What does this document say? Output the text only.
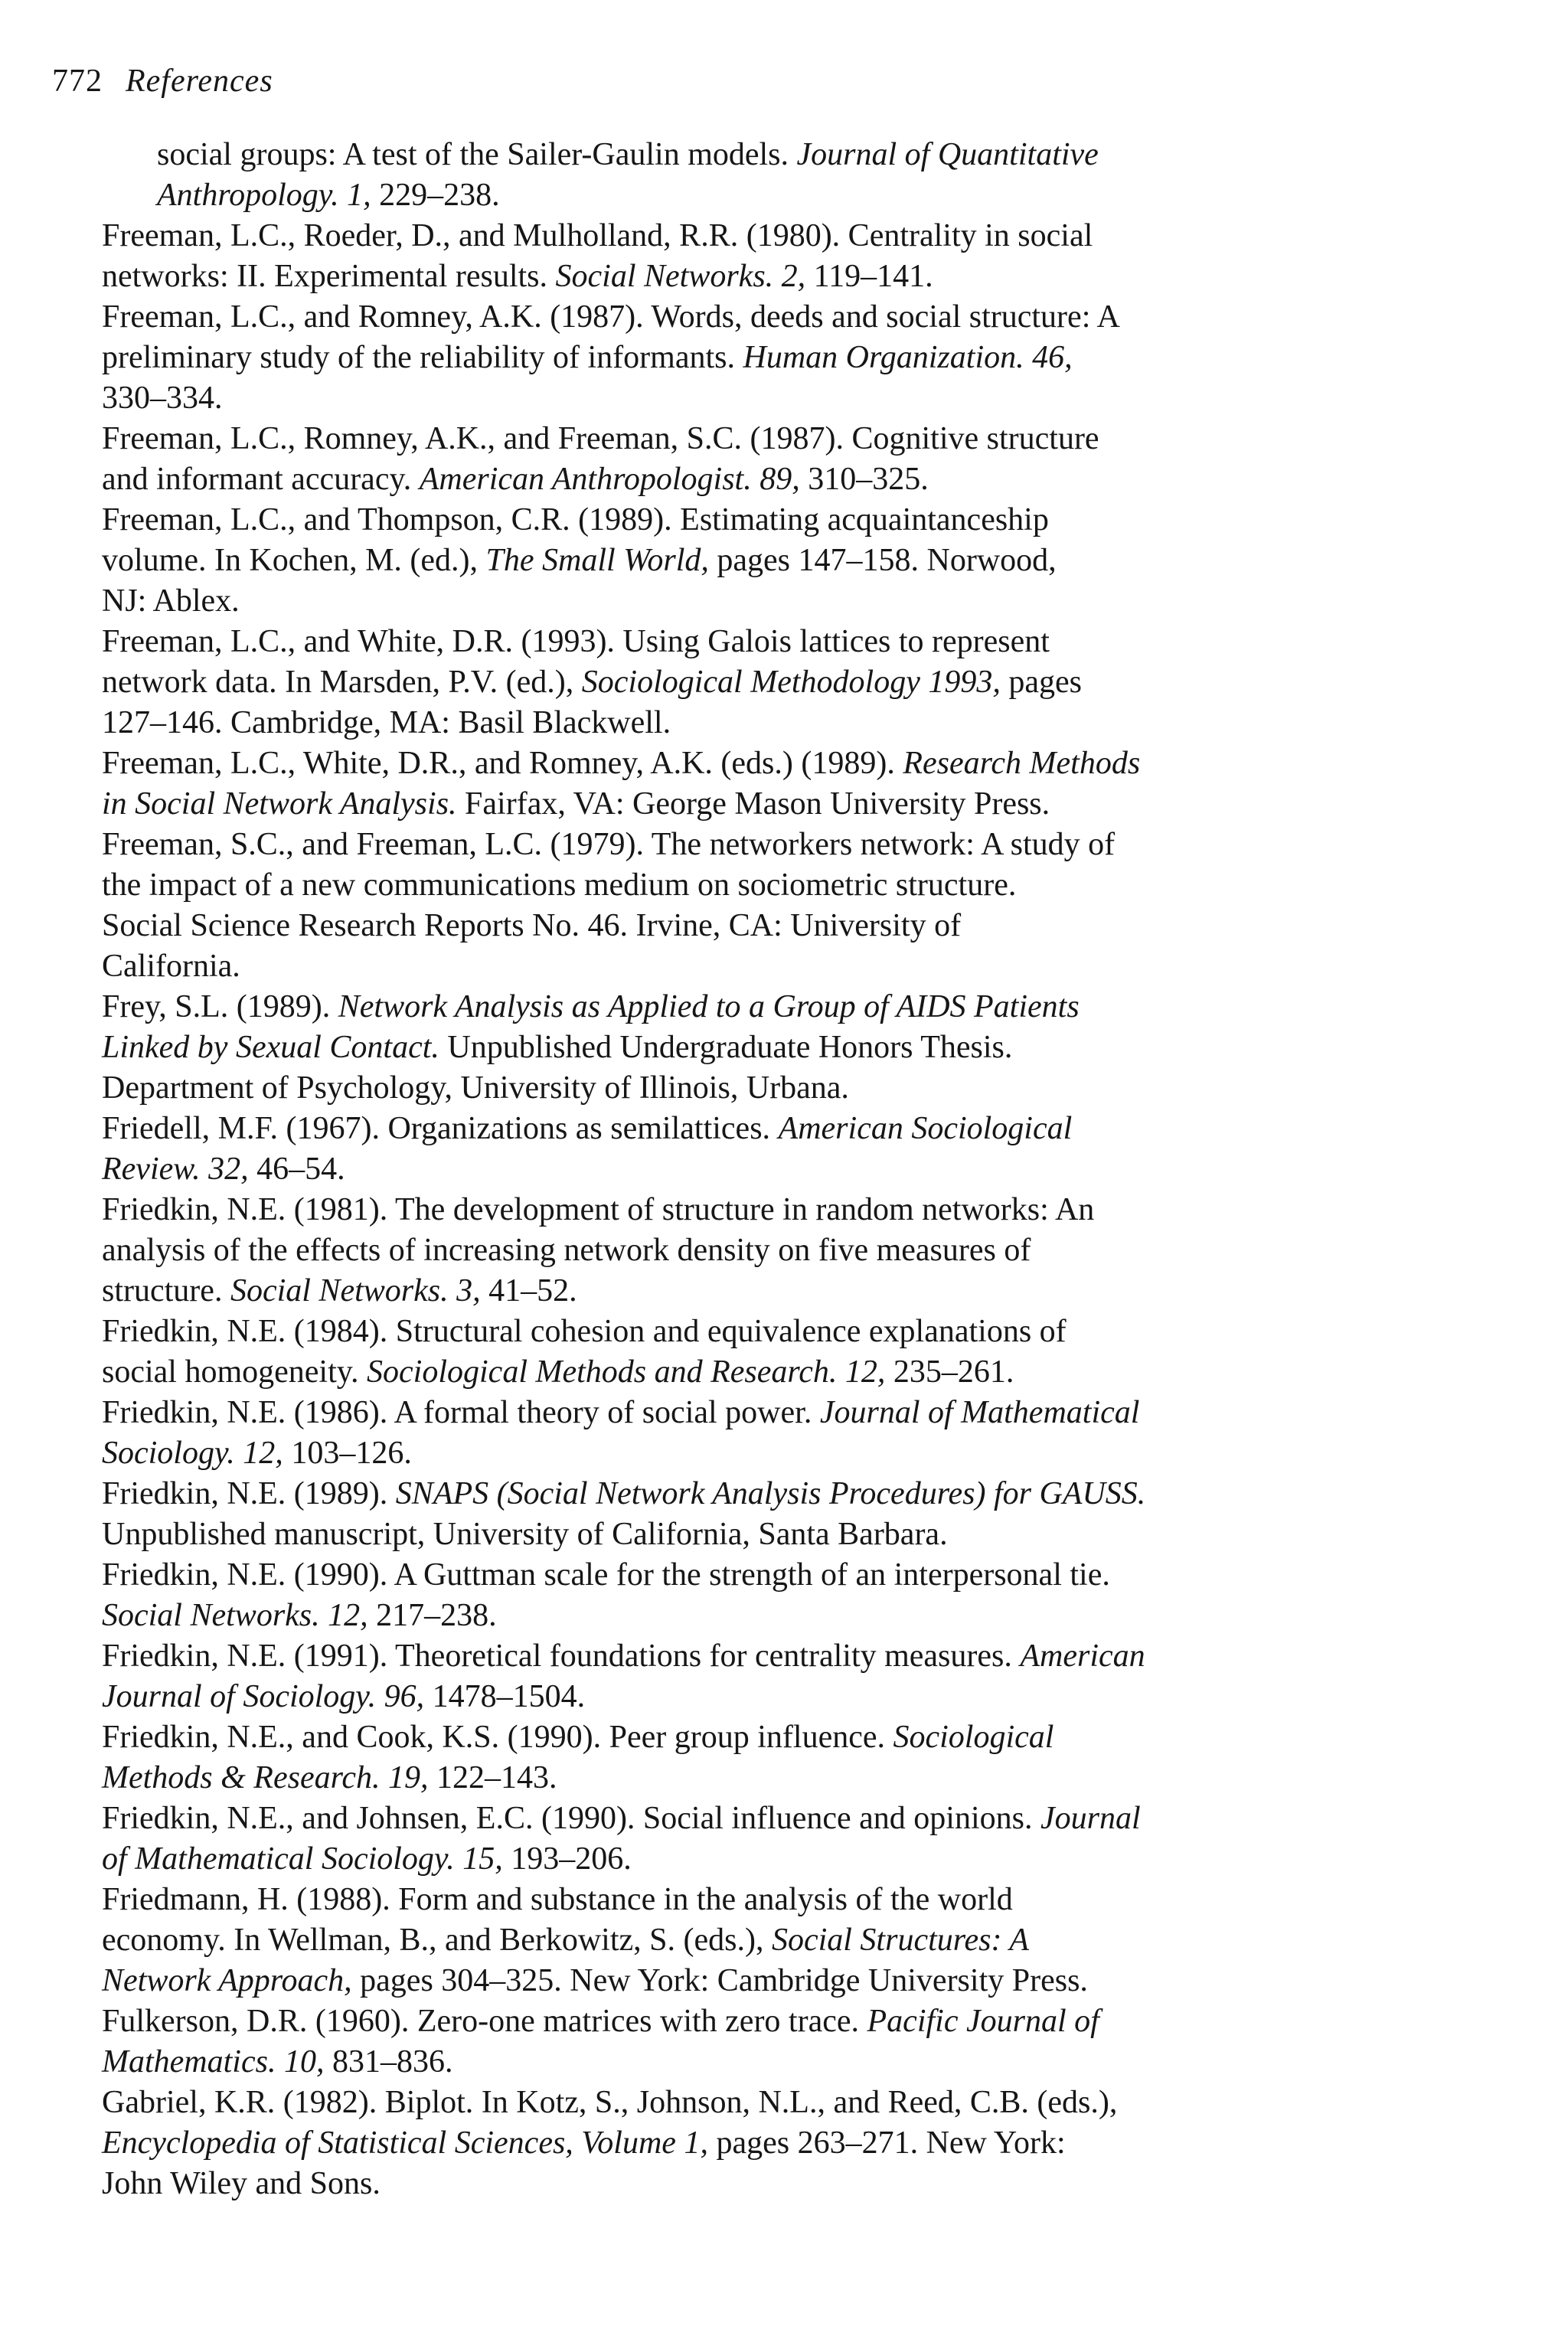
772 References
social groups: A test of the Sailer-Gaulin models. Journal of Quantitative
Anthropology. 1, 229–238.
Freeman, L.C., Roeder, D., and Mulholland, R.R. (1980). Centrality in social
networks: II. Experimental results. Social Networks. 2, 119–141.
Freeman, L.C., and Romney, A.K. (1987). Words, deeds and social structure: A
preliminary study of the reliability of informants. Human Organization. 46,
330–334.
Freeman, L.C., Romney, A.K., and Freeman, S.C. (1987). Cognitive structure
and informant accuracy. American Anthropologist. 89, 310–325.
Freeman, L.C., and Thompson, C.R. (1989). Estimating acquaintanceship
volume. In Kochen, M. (ed.), The Small World, pages 147–158. Norwood,
NJ: Ablex.
Freeman, L.C., and White, D.R. (1993). Using Galois lattices to represent
network data. In Marsden, P.V. (ed.), Sociological Methodology 1993, pages
127–146. Cambridge, MA: Basil Blackwell.
Freeman, L.C., White, D.R., and Romney, A.K. (eds.) (1989). Research Methods
in Social Network Analysis. Fairfax, VA: George Mason University Press.
Freeman, S.C., and Freeman, L.C. (1979). The networkers network: A study of
the impact of a new communications medium on sociometric structure.
Social Science Research Reports No. 46. Irvine, CA: University of
California.
Frey, S.L. (1989). Network Analysis as Applied to a Group of AIDS Patients
Linked by Sexual Contact. Unpublished Undergraduate Honors Thesis.
Department of Psychology, University of Illinois, Urbana.
Friedell, M.F. (1967). Organizations as semilattices. American Sociological
Review. 32, 46–54.
Friedkin, N.E. (1981). The development of structure in random networks: An
analysis of the effects of increasing network density on five measures of
structure. Social Networks. 3, 41–52.
Friedkin, N.E. (1984). Structural cohesion and equivalence explanations of
social homogeneity. Sociological Methods and Research. 12, 235–261.
Friedkin, N.E. (1986). A formal theory of social power. Journal of Mathematical
Sociology. 12, 103–126.
Friedkin, N.E. (1989). SNAPS (Social Network Analysis Procedures) for GAUSS.
Unpublished manuscript, University of California, Santa Barbara.
Friedkin, N.E. (1990). A Guttman scale for the strength of an interpersonal tie.
Social Networks. 12, 217–238.
Friedkin, N.E. (1991). Theoretical foundations for centrality measures. American
Journal of Sociology. 96, 1478–1504.
Friedkin, N.E., and Cook, K.S. (1990). Peer group influence. Sociological
Methods & Research. 19, 122–143.
Friedkin, N.E., and Johnsen, E.C. (1990). Social influence and opinions. Journal
of Mathematical Sociology. 15, 193–206.
Friedmann, H. (1988). Form and substance in the analysis of the world
economy. In Wellman, B., and Berkowitz, S. (eds.), Social Structures: A
Network Approach, pages 304–325. New York: Cambridge University Press.
Fulkerson, D.R. (1960). Zero-one matrices with zero trace. Pacific Journal of
Mathematics. 10, 831–836.
Gabriel, K.R. (1982). Biplot. In Kotz, S., Johnson, N.L., and Reed, C.B. (eds.),
Encyclopedia of Statistical Sciences, Volume 1, pages 263–271. New York:
John Wiley and Sons.
